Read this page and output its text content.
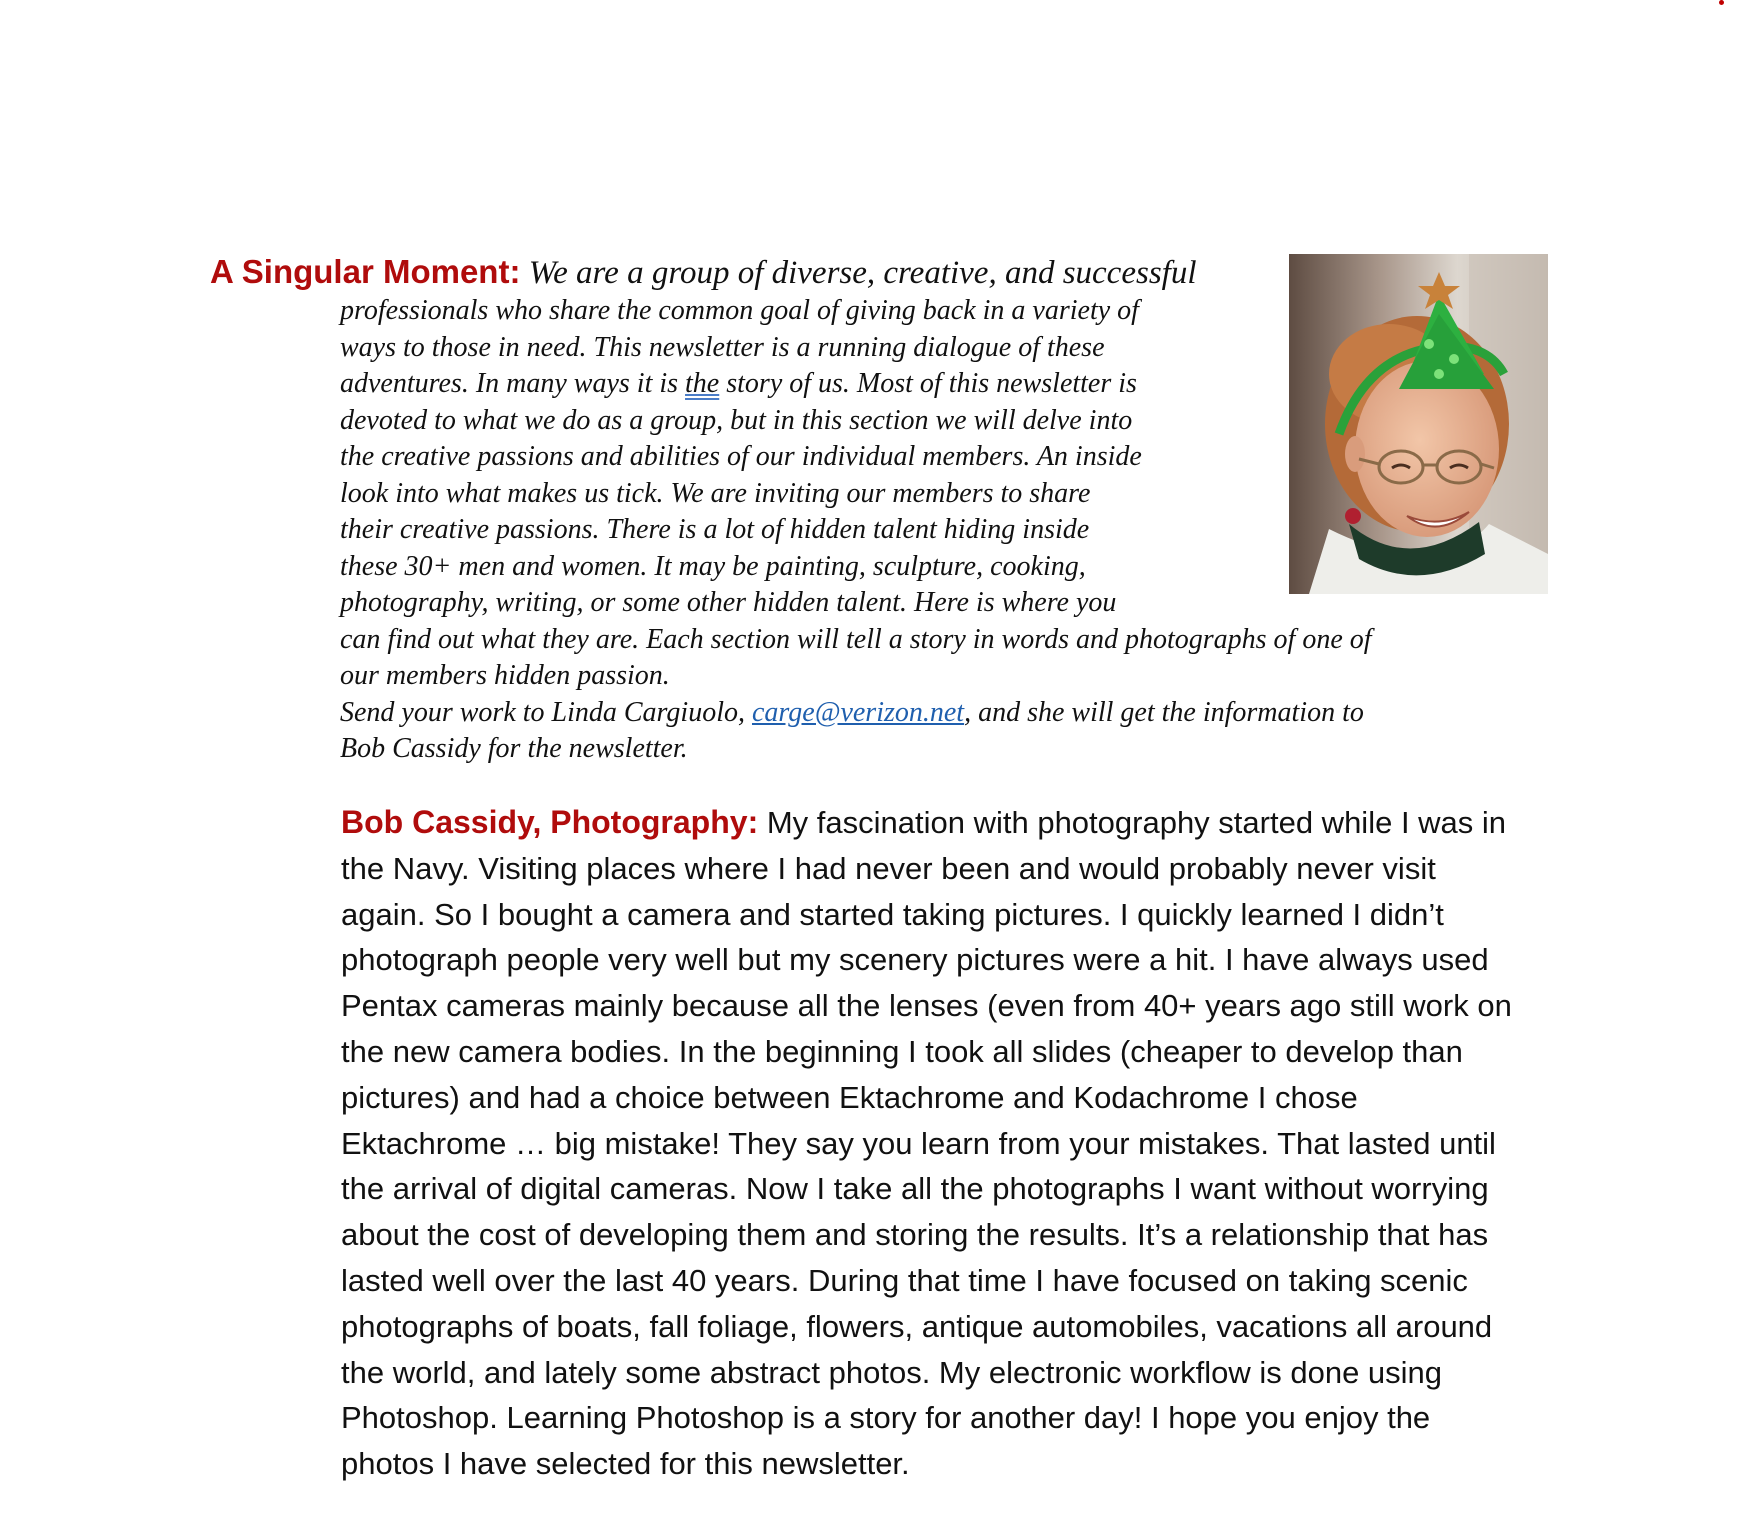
A Singular Moment: We are a group of diverse, creative, and successful

professionals who share the common goal of giving back in a variety of
ways to those in need. This newsletter is a running dialogue of these
adventures. In many ways it is the story of us. Most of this newsletter is
devoted to what we do as a group, but in this section we will delve into
the creative passions and abilities of our individual members. An inside
look into what makes us tick. We are inviting our members to share
their creative passions. There is a lot of hidden talent hiding inside
these 30+ men and women. It may be painting, sculpture, cooking,
photography, writing, or some other hidden talent. Here is where you
can find out what they are. Each section will tell a story in words and photographs of one of
our members hidden passion.
Send your work to Linda Cargiuolo, carge@verizon.net, and she will get the information to
Bob Cassidy for the newsletter.

Bob Cassidy, Photography: My fascination with photography started while I was in
the Navy. Visiting places where I had never been and would probably never visit
again. So I bought a camera and started taking pictures. I quickly learned I didn’t
photograph people very well but my scenery pictures were a hit. I have always used
Pentax cameras mainly because all the lenses (even from 40+ years ago still work on
the new camera bodies. In the beginning I took all slides (cheaper to develop than
pictures) and had a choice between Ektachrome and Kodachrome I chose
Ektachrome … big mistake! They say you learn from your mistakes. That lasted until
the arrival of digital cameras. Now I take all the photographs I want without worrying
about the cost of developing them and storing the results. It’s a relationship that has
lasted well over the last 40 years. During that time I have focused on taking scenic
photographs of boats, fall foliage, flowers, antique automobiles, vacations all around
the world, and lately some abstract photos. My electronic workflow is done using
Photoshop. Learning Photoshop is a story for another day! I hope you enjoy the
photos I have selected for this newsletter.
